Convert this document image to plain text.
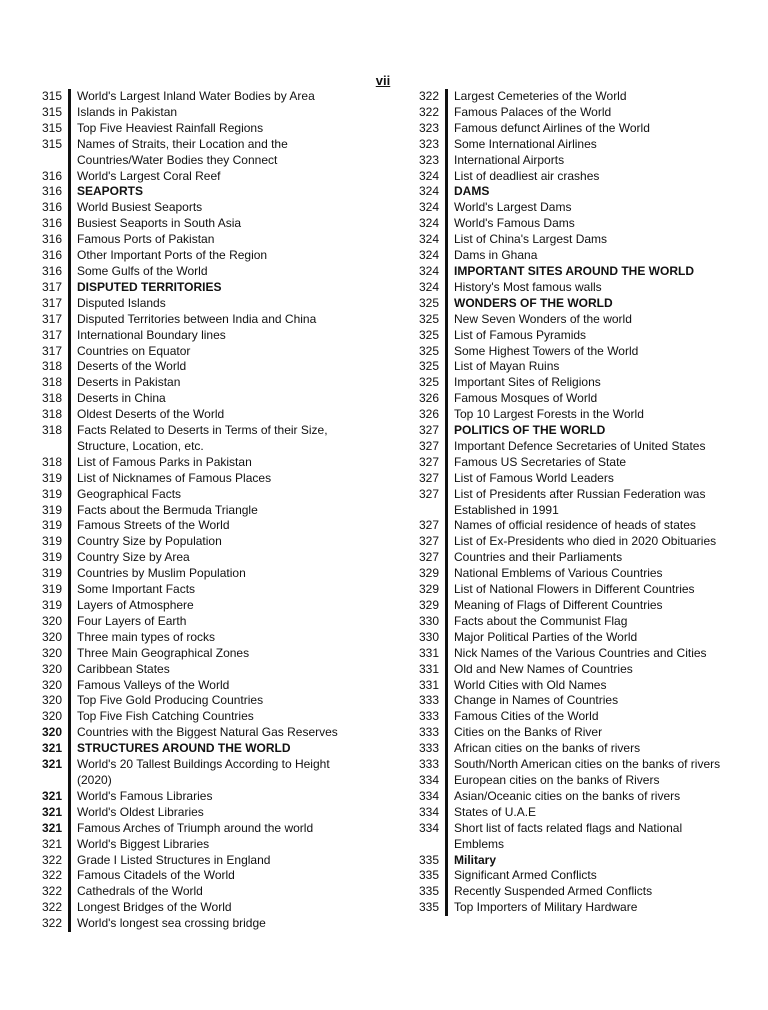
vii
315	World's Largest Inland Water Bodies by Area
315	Islands in Pakistan
315	Top Five Heaviest Rainfall Regions
315	Names of Straits, their Location and the Countries/Water Bodies they Connect
316	World's Largest Coral Reef
316	SEAPORTS
316	World Busiest Seaports
316	Busiest Seaports in South Asia
316	Famous Ports of Pakistan
316	Other Important Ports of the Region
316	Some Gulfs of the World
317	DISPUTED TERRITORIES
317	Disputed Islands
317	Disputed Territories between India and China
317	International Boundary lines
317	Countries on Equator
318	Deserts of the World
318	Deserts in Pakistan
318	Deserts in China
318	Oldest Deserts of the World
318	Facts Related to Deserts in Terms of their Size, Structure, Location, etc.
318	List of Famous Parks in Pakistan
319	List of Nicknames of Famous Places
319	Geographical Facts
319	Facts about the Bermuda Triangle
319	Famous Streets of the World
319	Country Size by Population
319	Country Size by Area
319	Countries by Muslim Population
319	Some Important Facts
319	Layers of Atmosphere
320	Four Layers of Earth
320	Three main types of rocks
320	Three Main Geographical Zones
320	Caribbean States
320	Famous Valleys of the World
320	Top Five Gold Producing Countries
320	Top Five Fish Catching Countries
320	Countries with the Biggest Natural Gas Reserves
321	STRUCTURES AROUND THE WORLD
321	World's 20 Tallest Buildings According to Height (2020)
321	World's Famous Libraries
321	World's Oldest Libraries
321	Famous Arches of Triumph around the world
321	World's Biggest Libraries
322	Grade I Listed Structures in England
322	Famous Citadels of the World
322	Cathedrals of the World
322	Longest Bridges of the World
322	World's longest sea crossing bridge
322	Largest Cemeteries of the World
322	Famous Palaces of the World
323	Famous defunct Airlines of the World
323	Some International Airlines
323	International Airports
324	List of deadliest air crashes
324	DAMS
324	World's Largest Dams
324	World's Famous Dams
324	List of China's Largest Dams
324	Dams in Ghana
324	IMPORTANT SITES AROUND THE WORLD
324	History's Most famous walls
325	WONDERS OF THE WORLD
325	New Seven Wonders of the world
325	List of Famous Pyramids
325	Some Highest Towers of the World
325	List of Mayan Ruins
325	Important Sites of Religions
326	Famous Mosques of World
326	Top 10 Largest Forests in the World
327	POLITICS OF THE WORLD
327	Important Defence Secretaries of United States
327	Famous US Secretaries of State
327	List of Famous World Leaders
327	List of Presidents after Russian Federation was Established in 1991
327	Names of official residence of heads of states
327	List of Ex-Presidents who died in 2020 Obituaries
327	Countries and their Parliaments
329	National Emblems of Various Countries
329	List of National Flowers in Different Countries
329	Meaning of Flags of Different Countries
330	Facts about the Communist Flag
330	Major Political Parties of the World
331	Nick Names of the Various Countries and Cities
331	Old and New Names of Countries
331	World Cities with Old Names
333	Change in Names of Countries
333	Famous Cities of the World
333	Cities on the Banks of River
333	African cities on the banks of rivers
333	South/North American cities on the banks of rivers
334	European cities on the banks of Rivers
334	Asian/Oceanic cities on the banks of rivers
334	States of U.A.E
334	Short list of facts related flags and National Emblems
335	Military
335	Significant Armed Conflicts
335	Recently Suspended Armed Conflicts
335	Top Importers of Military Hardware
